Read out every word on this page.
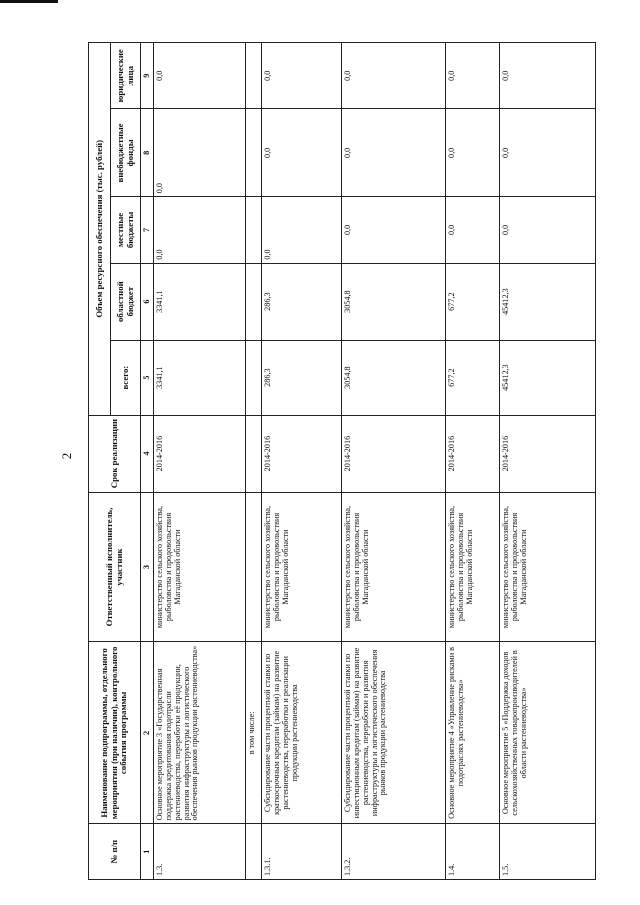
2
№ п/п	Наименование подпрограммы, отдельного мероприятия (при наличии), контрольного события программы	Ответственный исполнитель, участник	Срок реализации	Объем ресурсного обеспечения (тыс. рублей)				
				всего:	областной бюджет	местные бюджеты	внебюджетные фонды	юридические лица
1	2	3	4	5	6	7	8	9
1.3.	Основное мероприятие 3 «Государственная поддержка кредитования подотрасли растениеводства, переработки её продукции, развития инфраструктуры и логистического обеспечения рынков продукции растениеводства»	министерство сельского хозяйства, рыболовства и продовольствия Магаданской области	2014-2016	3341,1	3341,1	0,0	0,0	0,0
	в том числе:							
1.3.1.	Субсидирование части процентной ставки по краткосрочным кредитам (займам) на развитие растениеводства, переработки и реализации продукции растениеводства	министерство сельского хозяйства, рыболовства и продовольствия Магаданской области	2014-2016	286,3	286,3	0,0	0,0	0,0
1.3.2.	Субсидирование части процентной ставки по инвестиционным кредитам (займам) на развитие растениеводства, переработки и развития инфраструктуры и логистического обеспечения рынков продукции растениеводства	министерство сельского хозяйства, рыболовства и продовольствия Магаданской области	2014-2016	3054,8	3054,8	0,0	0,0	0,0
1.4.	Основное мероприятие 4 «Управление рисками в подотраслях растениеводства»	министерство сельского хозяйства, рыболовства и продовольствия Магаданской области	2014-2016	677,2	677,2	0,0	0,0	0,0
1.5.	Основное мероприятие 5 «Поддержка доходов сельскохозяйственных товаропроизводителей в области растениеводства»	министерство сельского хозяйства, рыболовства и продовольствия Магаданской области	2014-2016	45412,3	45412,3	0,0	0,0	0,0
